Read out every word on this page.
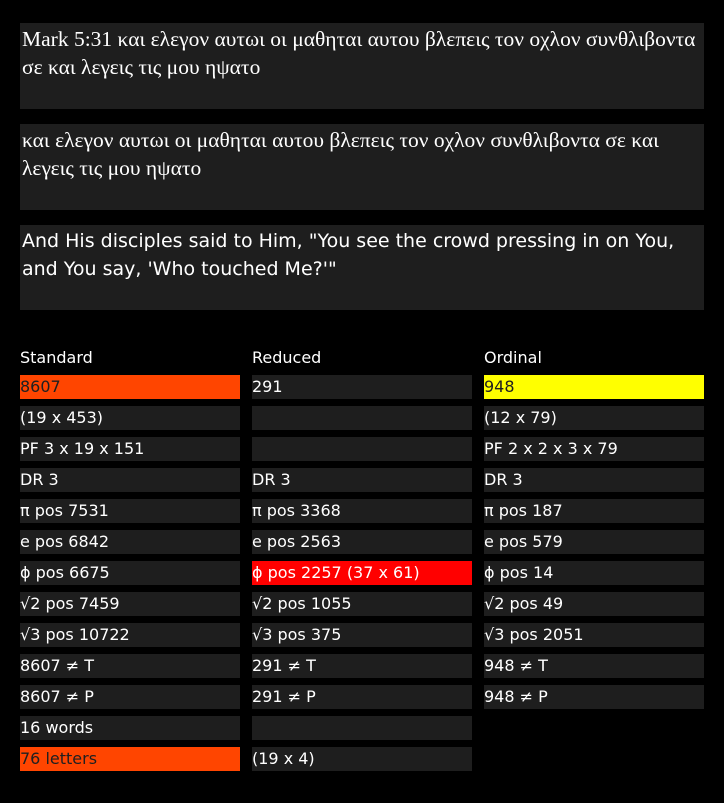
Mark 5:31 και ελεγον αυτωι οι μαθηται αυτου βλεπεις τον οχλον συνθλιβοντα σε και λεγεις τις μου ηψατο
και ελεγον αυτωι οι μαθηται αυτου βλεπεις τον οχλον συνθλιβοντα σε και λεγεις τις μου ηψατο
And His disciples said to Him, "You see the crowd pressing in on You, and You say, 'Who touched Me?'"
Standard
8607
(19 x 453)
PF 3 x 19 x 151
DR 3
π pos 7531
e pos 6842
ϕ pos 6675
√2 pos 7459
√3 pos 10722
8607 ≠ T
8607 ≠ P
16 words
76 letters
Reduced
291
DR 3
π pos 3368
e pos 2563
ϕ pos 2257 (37 x 61)
√2 pos 1055
√3 pos 375
291 ≠ T
291 ≠ P
(19 x 4)
Ordinal
948
(12 x 79)
PF 2 x 2 x 3 x 79
DR 3
π pos 187
e pos 579
ϕ pos 14
√2 pos 49
√3 pos 2051
948 ≠ T
948 ≠ P
